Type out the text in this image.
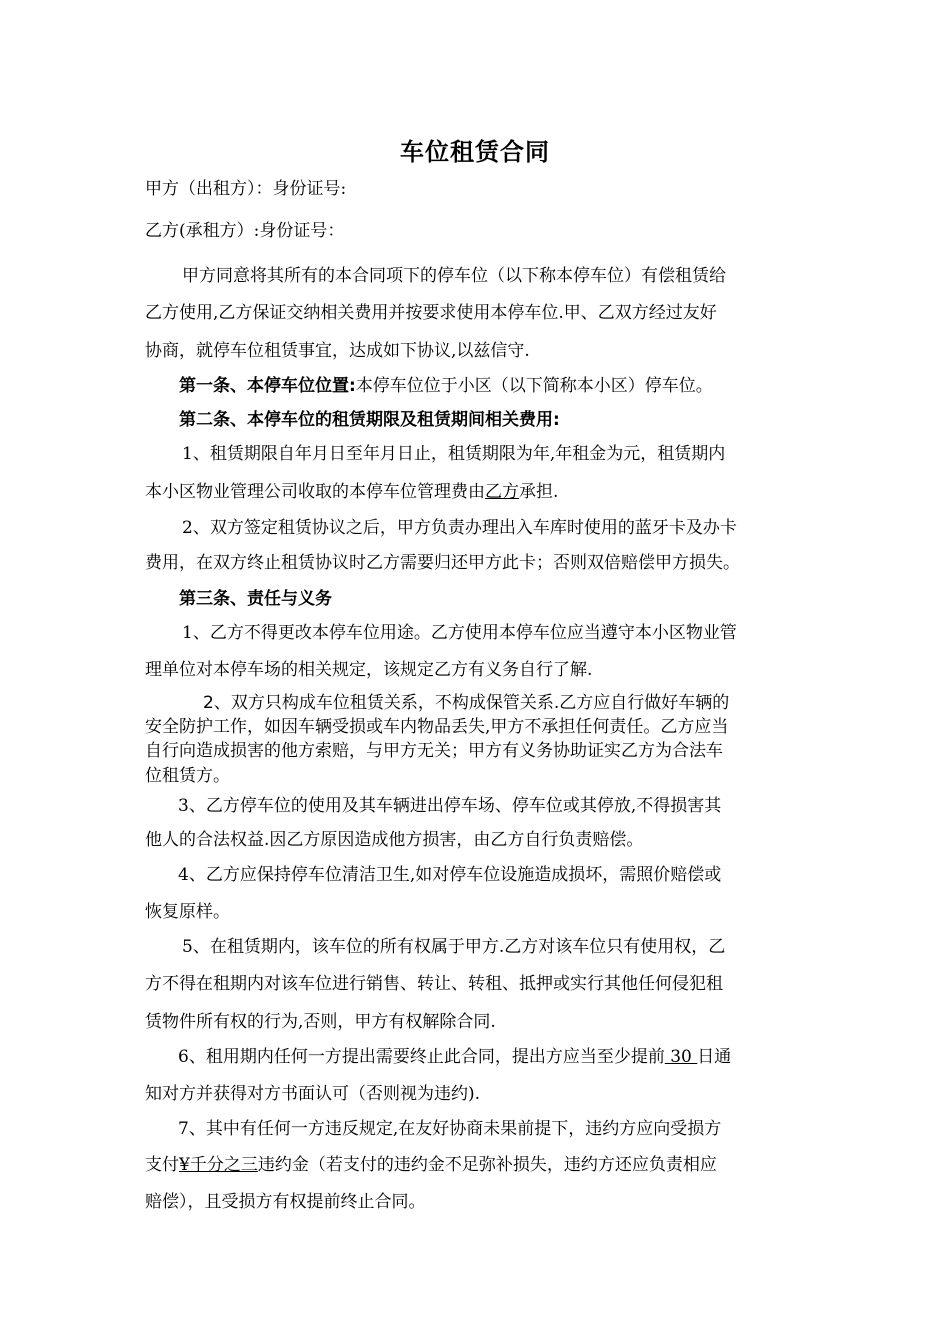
车位租赁合同
甲方（出租方）：身份证号:
乙方(承租方）:身份证号：
甲方同意将其所有的本合同项下的停车位（以下称本停车位）有偿租赁给
乙方使用,乙方保证交纳相关费用并按要求使用本停车位.甲、乙双方经过友好
协商，就停车位租赁事宜，达成如下协议,以兹信守.
第一条、本停车位位置:本停车位位于小区（以下简称本小区）停车位。
第二条、本停车位的租赁期限及租赁期间相关费用:
1、租赁期限自年月日至年月日止，租赁期限为年,年租金为元，租赁期内
本小区物业管理公司收取的本停车位管理费由乙方承担.
2、双方签定租赁协议之后，甲方负责办理出入车库时使用的蓝牙卡及办卡
费用，在双方终止租赁协议时乙方需要归还甲方此卡；否则双倍赔偿甲方损失。
第三条、责任与义务
1、乙方不得更改本停车位用途。乙方使用本停车位应当遵守本小区物业管
理单位对本停车场的相关规定，该规定乙方有义务自行了解.
2、双方只构成车位租赁关系，不构成保管关系.乙方应自行做好车辆的
安全防护工作，如因车辆受损或车内物品丢失,甲方不承担任何责任。乙方应当
自行向造成损害的他方索赔，与甲方无关；甲方有义务协助证实乙方为合法车
位租赁方。
3、乙方停车位的使用及其车辆进出停车场、停车位或其停放,不得损害其
他人的合法权益.因乙方原因造成他方损害，由乙方自行负责赔偿。
4、乙方应保持停车位清洁卫生,如对停车位设施造成损坏，需照价赔偿或
恢复原样。
5、在租赁期内，该车位的所有权属于甲方.乙方对该车位只有使用权，乙
方不得在租期内对该车位进行销售、转让、转租、抵押或实行其他任何侵犯租
赁物件所有权的行为,否则，甲方有权解除合同.
6、租用期内任何一方提出需要终止此合同，提出方应当至少提前 30 日通
知对方并获得对方书面认可（否则视为违约).
7、其中有任何一方违反规定,在友好协商未果前提下，违约方应向受损方
支付¥千分之三违约金（若支付的违约金不足弥补损失，违约方还应负责相应
赔偿），且受损方有权提前终止合同。
